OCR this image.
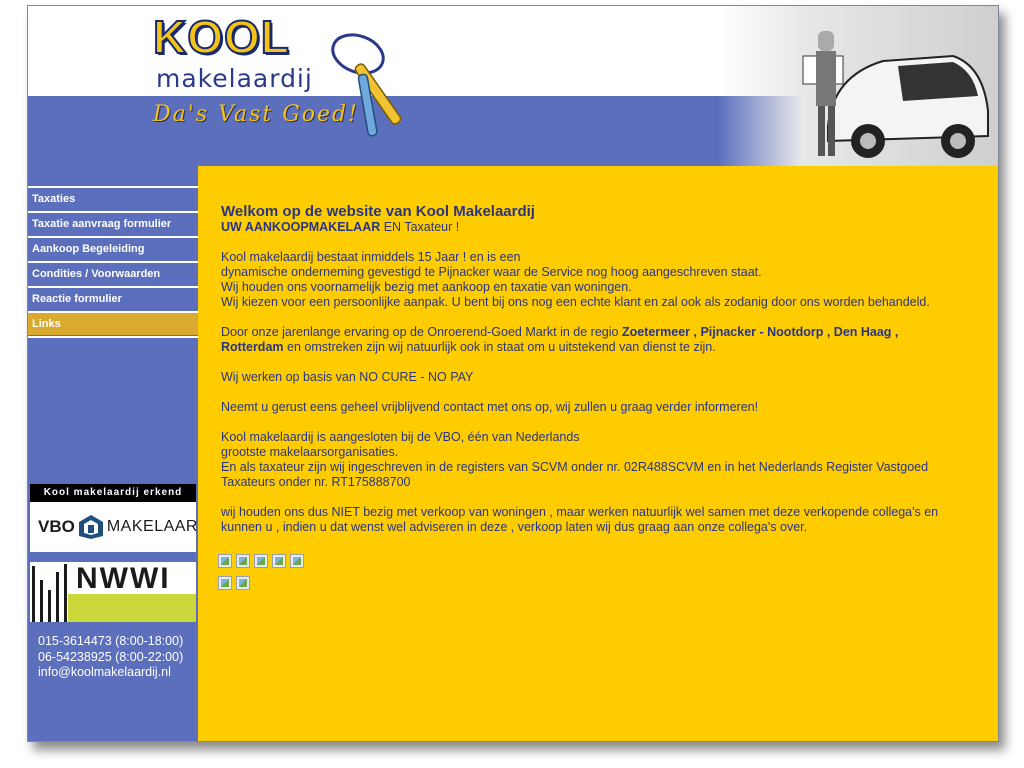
KOOL
makelaardij
Da's Vast Goed!
Taxaties
Taxatie aanvraag formulier
Aankoop Begeleiding
Condities / Voorwaarden
Reactie formulier
Links
Kool makelaardij erkend
VBO MAKELAAR
NWWI
015-3614473 (8:00-18:00)
06-54238925 (8:00-22:00)
info@koolmakelaardij.nl

Welkom op de website van Kool Makelaardij

UW AANKOOPMAKELAAR EN Taxateur !

Kool makelaardij bestaat inmiddels 15 Jaar ! en is een

dynamische onderneming gevestigd te Pijnacker waar de Service nog hoog aangeschreven staat.

Wij houden ons voornamelijk bezig met aankoop en taxatie van woningen.

Wij kiezen voor een persoonlijke aanpak. U bent bij ons nog een echte klant en zal ook als zodanig door ons worden behandeld.

Door onze jarenlange ervaring op de Onroerend-Goed Markt in de regio Zoetermeer , Pijnacker - Nootdorp , Den Haag , Rotterdam en omstreken zijn wij natuurlijk ook in staat om u uitstekend van dienst te zijn.

Wij werken op basis van NO CURE - NO PAY

Neemt u gerust eens geheel vrijblijvend contact met ons op, wij zullen u graag verder informeren!

Kool makelaardij is aangesloten bij de VBO, één van Nederlands

grootste makelaarsorganisaties.

En als taxateur zijn wij ingeschreven in de registers van SCVM onder nr. 02R488SCVM en in het Nederlands Register Vastgoed Taxateurs onder nr. RT175888700

wij houden ons dus NIET bezig met verkoop van woningen , maar werken natuurlijk wel samen met deze verkopende collega's en kunnen u , indien u dat wenst wel adviseren in deze , verkoop laten wij dus graag aan onze collega's over.
